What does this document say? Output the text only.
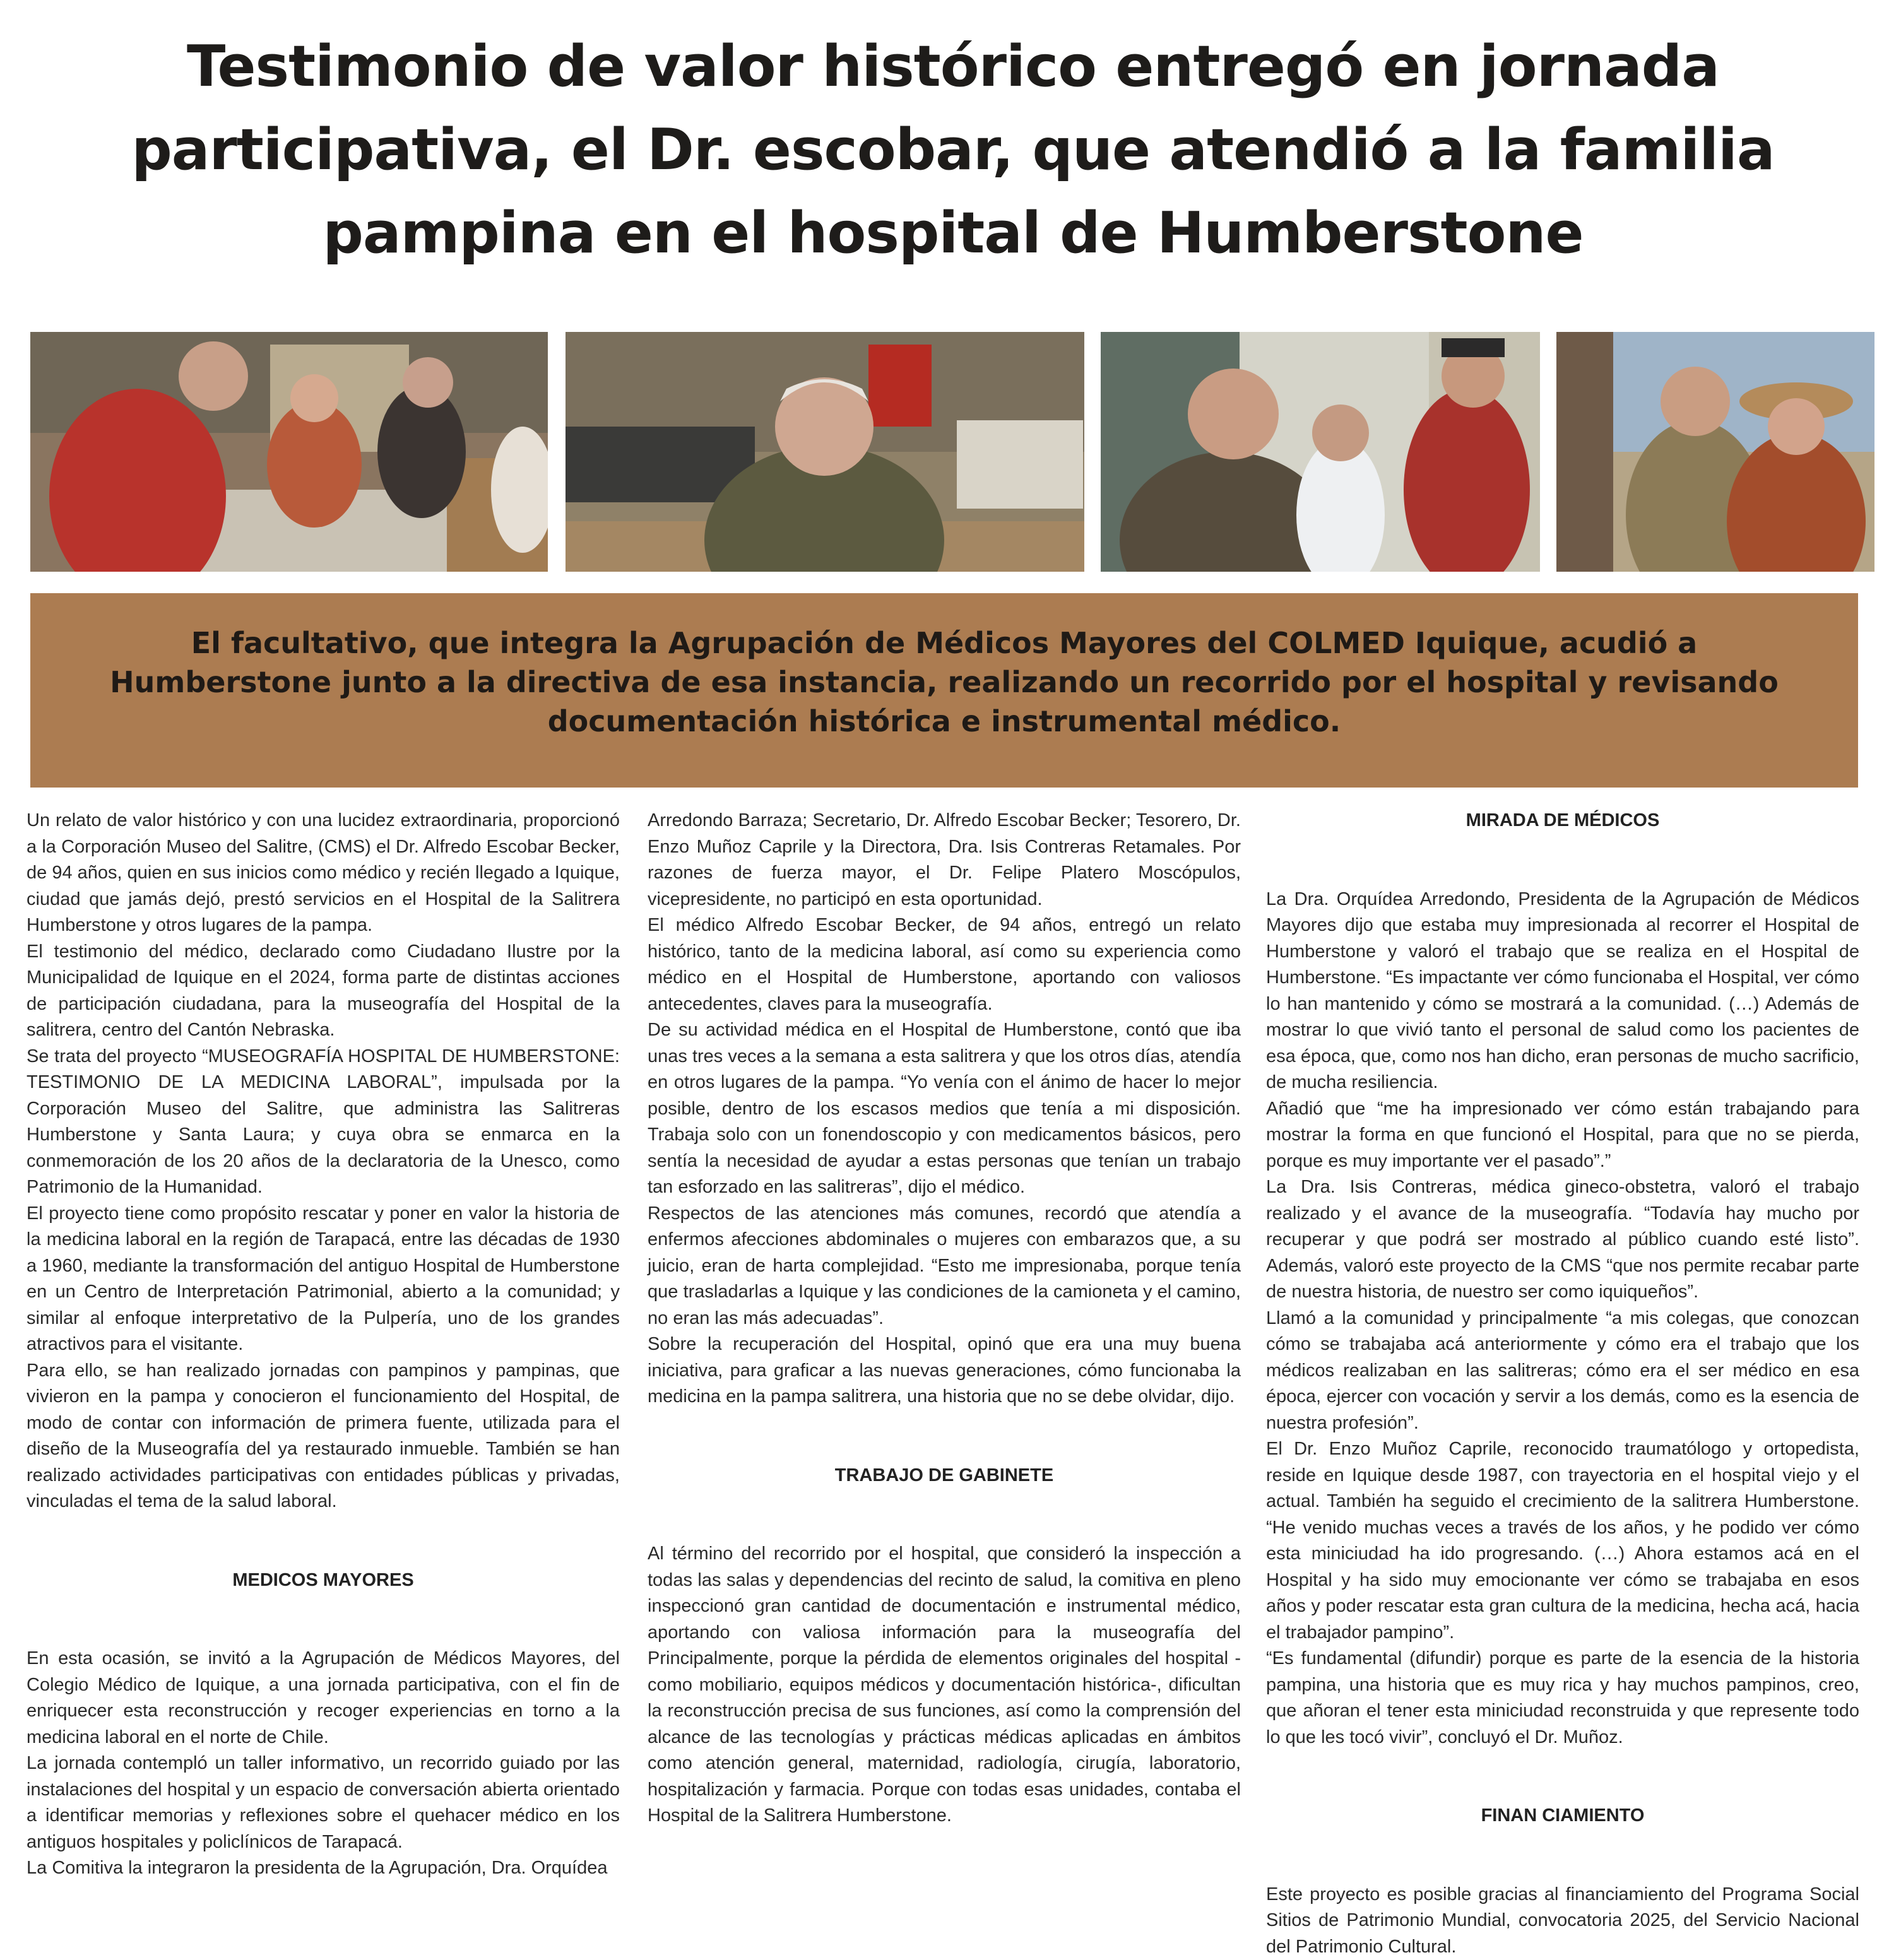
Testimonio de valor histórico entregó en jornada
participativa, el Dr. escobar, que atendió a la familia
pampina en el hospital de Humberstone

El facultativo, que integra la Agrupación de Médicos Mayores del COLMED Iquique, acudió a

Humberstone junto a la directiva de esa instancia, realizando un recorrido por el hospital y revisando

documentación histórica e instrumental médico.

Un relato de valor histórico y con una lucidez extraordinaria, proporcionó a la Corporación Museo del Salitre, (CMS) el Dr. Alfredo Escobar Becker, de 94 años, quien en sus inicios como médico y recién llegado a Iquique, ciudad que jamás dejó, prestó servicios en el Hospital de la Salitrera Humberstone y otros lugares de la pampa.

El testimonio del médico, declarado como Ciudadano Ilustre por la Municipalidad de Iquique en el 2024, forma parte de distintas acciones de participación ciudadana, para la museografía del Hospital de la salitrera, centro del Cantón Nebraska.

Se trata del proyecto “MUSEOGRAFÍA HOSPITAL DE HUMBERSTONE: TESTIMONIO DE LA MEDICINA LABORAL”, impulsada por la Corporación Museo del Salitre, que administra las Salitreras Humberstone y Santa Laura; y cuya obra se enmarca en la conmemoración de los 20 años de la declaratoria de la Unesco, como Patrimonio de la Humanidad.

El proyecto tiene como propósito rescatar y poner en valor la historia de la medicina laboral en la región de Tarapacá, entre las décadas de 1930 a 1960, mediante la transformación del antiguo Hospital de Humberstone en un Centro de Interpretación Patrimonial, abierto a la comunidad; y similar al enfoque interpretativo de la Pulpería, uno de los grandes atractivos para el visitante.

Para ello, se han realizado jornadas con pampinos y pampinas, que vivieron en la pampa y conocieron el funcionamiento del Hospital, de modo de contar con información de primera fuente, utilizada para el diseño de la Museografía del ya restaurado inmueble. También se han realizado actividades participativas con entidades públicas y privadas, vinculadas el tema de la salud laboral.

MEDICOS MAYORES

En esta ocasión, se invitó a la Agrupación de Médicos Mayores, del Colegio Médico de Iquique, a una jornada participativa, con el fin de enriquecer esta reconstrucción y recoger experiencias en torno a la medicina laboral en el norte de Chile.

La jornada contempló un taller informativo, un recorrido guiado por las instalaciones del hospital y un espacio de conversación abierta orientado a identificar memorias y reflexiones sobre el quehacer médico en los antiguos hospitales y policlínicos de Tarapacá.

La Comitiva la integraron la presidenta de la Agrupación, Dra. Orquídea

Arredondo Barraza; Secretario, Dr. Alfredo Escobar Becker; Tesorero, Dr. Enzo Muñoz Caprile y la Directora, Dra. Isis Contreras Retamales. Por razones de fuerza mayor, el Dr. Felipe Platero Moscópulos, vicepresidente, no participó en esta oportunidad.

El médico Alfredo Escobar Becker, de 94 años, entregó un relato histórico, tanto de la medicina laboral, así como su experiencia como médico en el Hospital de Humberstone, aportando con valiosos antecedentes, claves para la museografía.

De su actividad médica en el Hospital de Humberstone, contó que iba unas tres veces a la semana a esta salitrera y que los otros días, atendía en otros lugares de la pampa. “Yo venía con el ánimo de hacer lo mejor posible, dentro de los escasos medios que tenía a mi disposición. Trabaja solo con un fonendoscopio y con medicamentos básicos, pero sentía la necesidad de ayudar a estas personas que tenían un trabajo tan esforzado en las salitreras”, dijo el médico.

Respectos de las atenciones más comunes, recordó que atendía a enfermos afecciones abdominales o mujeres con embarazos que, a su juicio, eran de harta complejidad. “Esto me impresionaba, porque tenía que trasladarlas a Iquique y las condiciones de la camioneta y el camino, no eran las más adecuadas”.

Sobre la recuperación del Hospital, opinó que era una muy buena iniciativa, para graficar a las nuevas generaciones, cómo funcionaba la medicina en la pampa salitrera, una historia que no se debe olvidar, dijo.

TRABAJO DE GABINETE

Al término del recorrido por el hospital, que consideró la inspección a todas las salas y dependencias del recinto de salud, la comitiva en pleno inspeccionó gran cantidad de documentación e instrumental médico, aportando con valiosa información para la museografía del Principalmente, porque la pérdida de elementos originales del hospital -como mobiliario, equipos médicos y documentación histórica-, dificultan la reconstrucción precisa de sus funciones, así como la comprensión del alcance de las tecnologías y prácticas médicas aplicadas en ámbitos como atención general, maternidad, radiología, cirugía, laboratorio, hospitalización y farmacia. Porque con todas esas unidades, contaba el Hospital de la Salitrera Humberstone.

MIRADA DE MÉDICOS

La Dra. Orquídea Arredondo, Presidenta de la Agrupación de Médicos Mayores dijo que estaba muy impresionada al recorrer el Hospital de Humberstone y valoró el trabajo que se realiza en el Hospital de Humberstone. “Es impactante ver cómo funcionaba el Hospital, ver cómo lo han mantenido y cómo se mostrará a la comunidad. (…) Además de mostrar lo que vivió tanto el personal de salud como los pacientes de esa época, que, como nos han dicho, eran personas de mucho sacrificio, de mucha resiliencia.

Añadió que “me ha impresionado ver cómo están trabajando para mostrar la forma en que funcionó el Hospital, para que no se pierda, porque es muy importante ver el pasado”.”

La Dra. Isis Contreras, médica gineco-obstetra, valoró el trabajo realizado y el avance de la museografía. “Todavía hay mucho por recuperar y que podrá ser mostrado al público cuando esté listo”. Además, valoró este proyecto de la CMS “que nos permite recabar parte de nuestra historia, de nuestro ser como iquiqueños”.

Llamó a la comunidad y principalmente “a mis colegas, que conozcan cómo se trabajaba acá anteriormente y cómo era el trabajo que los médicos realizaban en las salitreras; cómo era el ser médico en esa época, ejercer con vocación y servir a los demás, como es la esencia de nuestra profesión”.

El Dr. Enzo Muñoz Caprile, reconocido traumatólogo y ortopedista, reside en Iquique desde 1987, con trayectoria en el hospital viejo y el actual. También ha seguido el crecimiento de la salitrera Humberstone. “He venido muchas veces a través de los años, y he podido ver cómo esta miniciudad ha ido progresando. (…) Ahora estamos acá en el Hospital y ha sido muy emocionante ver cómo se trabajaba en esos años y poder rescatar esta gran cultura de la medicina, hecha acá, hacia el trabajador pampino”.

“Es fundamental (difundir) porque es parte de la esencia de la historia pampina, una historia que es muy rica y hay muchos pampinos, creo, que añoran el tener esta miniciudad reconstruida y que represente todo lo que les tocó vivir”, concluyó el Dr. Muñoz.

FINAN CIAMIENTO

Este proyecto es posible gracias al financiamiento del Programa Social Sitios de Patrimonio Mundial, convocatoria 2025, del Servicio Nacional del Patrimonio Cultural.
